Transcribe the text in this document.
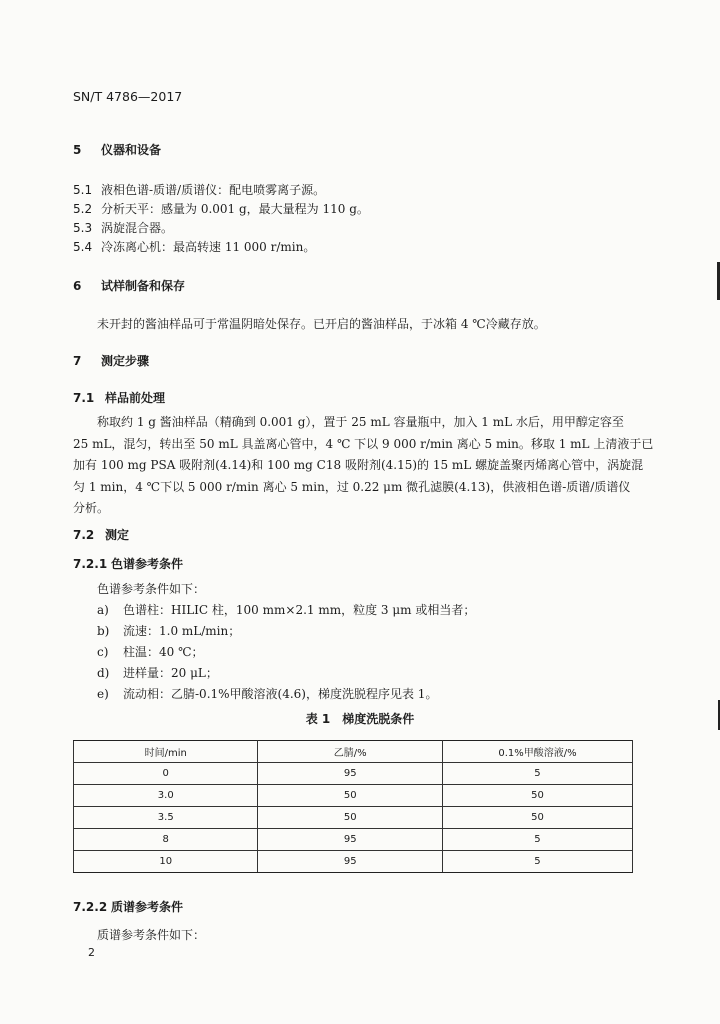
SN/T 4786—2017
5 仪器和设备
5.1 液相色谱-质谱/质谱仪：配电喷雾离子源。
5.2 分析天平：感量为 0.001 g，最大量程为 110 g。
5.3 涡旋混合器。
5.4 冷冻离心机：最高转速 11 000 r/min。
6 试样制备和保存
未开封的酱油样品可于常温阴暗处保存。已开启的酱油样品，于冰箱 4 ℃冷藏存放。
7 测定步骤
7.1 样品前处理
称取约 1 g 酱油样品（精确到 0.001 g），置于 25 mL 容量瓶中，加入 1 mL 水后，用甲醇定容至
25 mL，混匀，转出至 50 mL 具盖离心管中，4 ℃ 下以 9 000 r/min 离心 5 min。移取 1 mL 上清液于已
加有 100 mg PSA 吸附剂(4.14)和 100 mg C18 吸附剂(4.15)的 15 mL 螺旋盖聚丙烯离心管中，涡旋混
匀 1 min，4 ℃下以 5 000 r/min 离心 5 min，过 0.22 μm 微孔滤膜(4.13)，供液相色谱-质谱/质谱仪
分析。
7.2 测定
7.2.1 色谱参考条件
色谱参考条件如下：
a) 色谱柱：HILIC 柱，100 mm×2.1 mm，粒度 3 μm 或相当者；
b) 流速：1.0 mL/min；
c) 柱温：40 ℃；
d) 进样量：20 μL；
e) 流动相：乙腈-0.1%甲酸溶液(4.6)，梯度洗脱程序见表 1。
表 1　梯度洗脱条件
时间/min	乙腈/%	0.1%甲酸溶液/%
0	95	5
3.0	50	50
3.5	50	50
8	95	5
10	95	5
7.2.2 质谱参考条件
质谱参考条件如下：
2
